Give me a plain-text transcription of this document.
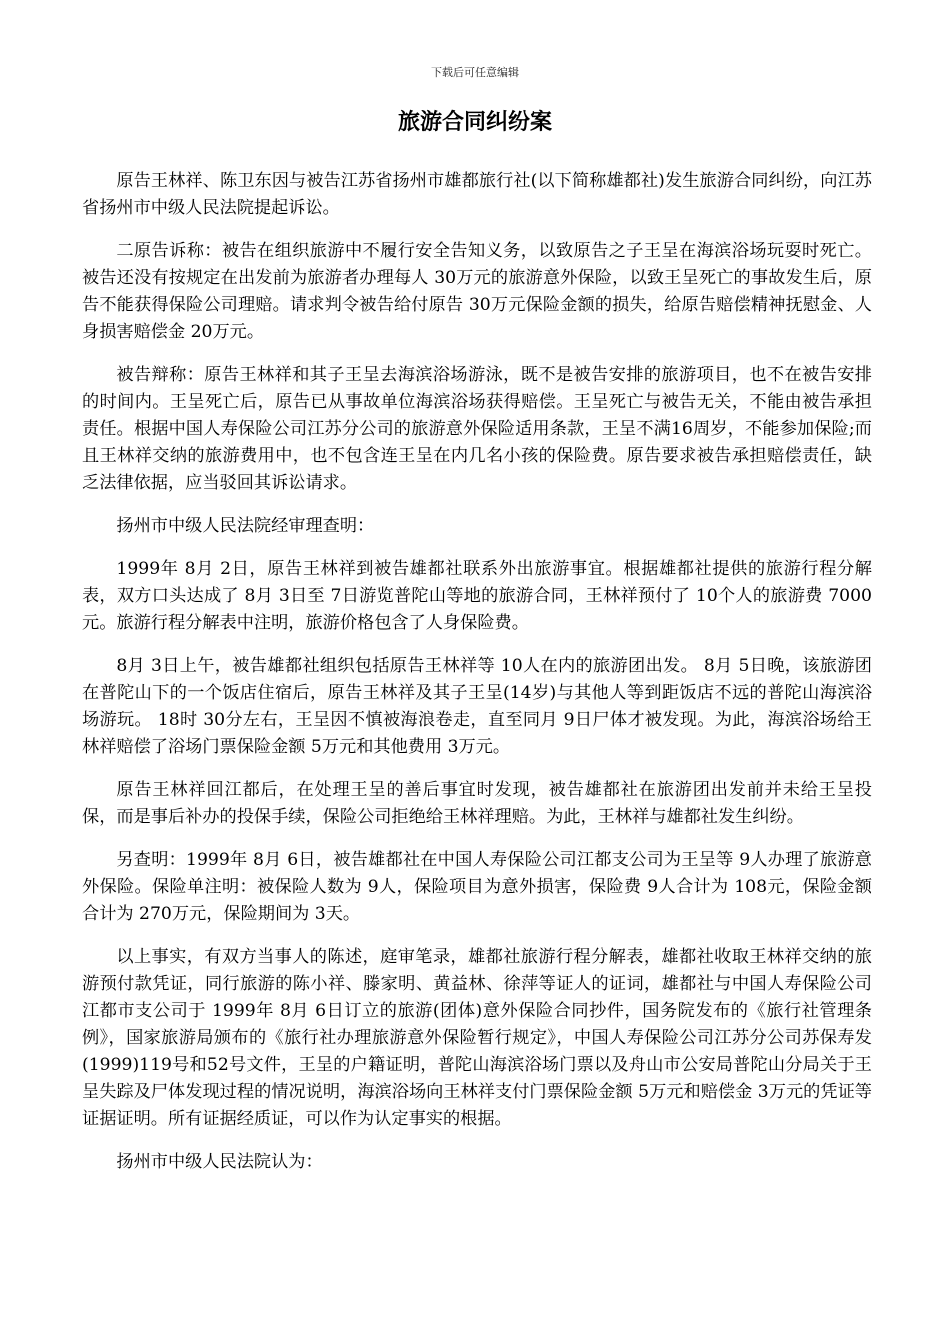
下载后可任意编辑
旅游合同纠纷案

原告王林祥、陈卫东因与被告江苏省扬州市雄都旅行社(以下简称雄都社)发生旅游合同纠纷，向江苏省扬州市中级人民法院提起诉讼。

二原告诉称：被告在组织旅游中不履行安全告知义务，以致原告之子王呈在海滨浴场玩耍时死亡。被告还没有按规定在出发前为旅游者办理每人 30万元的旅游意外保险，以致王呈死亡的事故发生后，原告不能获得保险公司理赔。请求判令被告给付原告 30万元保险金额的损失，给原告赔偿精神抚慰金、人身损害赔偿金 20万元。

被告辩称：原告王林祥和其子王呈去海滨浴场游泳，既不是被告安排的旅游项目，也不在被告安排的时间内。王呈死亡后，原告已从事故单位海滨浴场获得赔偿。王呈死亡与被告无关，不能由被告承担责任。根据中国人寿保险公司江苏分公司的旅游意外保险适用条款，王呈不满16周岁，不能参加保险;而且王林祥交纳的旅游费用中，也不包含连王呈在内几名小孩的保险费。原告要求被告承担赔偿责任，缺乏法律依据，应当驳回其诉讼请求。

扬州市中级人民法院经审理查明：

1999年 8月 2日，原告王林祥到被告雄都社联系外出旅游事宜。根据雄都社提供的旅游行程分解表，双方口头达成了 8月 3日至 7日游览普陀山等地的旅游合同，王林祥预付了 10个人的旅游费 7000元。旅游行程分解表中注明，旅游价格包含了人身保险费。

8月 3日上午，被告雄都社组织包括原告王林祥等 10人在内的旅游团出发。 8月 5日晚，该旅游团在普陀山下的一个饭店住宿后，原告王林祥及其子王呈(14岁)与其他人等到距饭店不远的普陀山海滨浴场游玩。 18时 30分左右，王呈因不慎被海浪卷走，直至同月 9日尸体才被发现。为此，海滨浴场给王林祥赔偿了浴场门票保险金额 5万元和其他费用 3万元。

原告王林祥回江都后，在处理王呈的善后事宜时发现，被告雄都社在旅游团出发前并未给王呈投保，而是事后补办的投保手续，保险公司拒绝给王林祥理赔。为此，王林祥与雄都社发生纠纷。

另查明：1999年 8月 6日，被告雄都社在中国人寿保险公司江都支公司为王呈等 9人办理了旅游意外保险。保险单注明：被保险人数为 9人，保险项目为意外损害，保险费 9人合计为 108元，保险金额合计为 270万元，保险期间为 3天。

以上事实，有双方当事人的陈述，庭审笔录，雄都社旅游行程分解表，雄都社收取王林祥交纳的旅游预付款凭证，同行旅游的陈小祥、滕家明、黄益林、徐萍等证人的证词，雄都社与中国人寿保险公司江都市支公司于 1999年 8月 6日订立的旅游(团体)意外保险合同抄件，国务院发布的《旅行社管理条例》，国家旅游局颁布的《旅行社办理旅游意外保险暂行规定》，中国人寿保险公司江苏分公司苏保寿发(1999)119号和52号文件，王呈的户籍证明，普陀山海滨浴场门票以及舟山市公安局普陀山分局关于王呈失踪及尸体发现过程的情况说明，海滨浴场向王林祥支付门票保险金额 5万元和赔偿金 3万元的凭证等证据证明。所有证据经质证，可以作为认定事实的根据。

扬州市中级人民法院认为：
